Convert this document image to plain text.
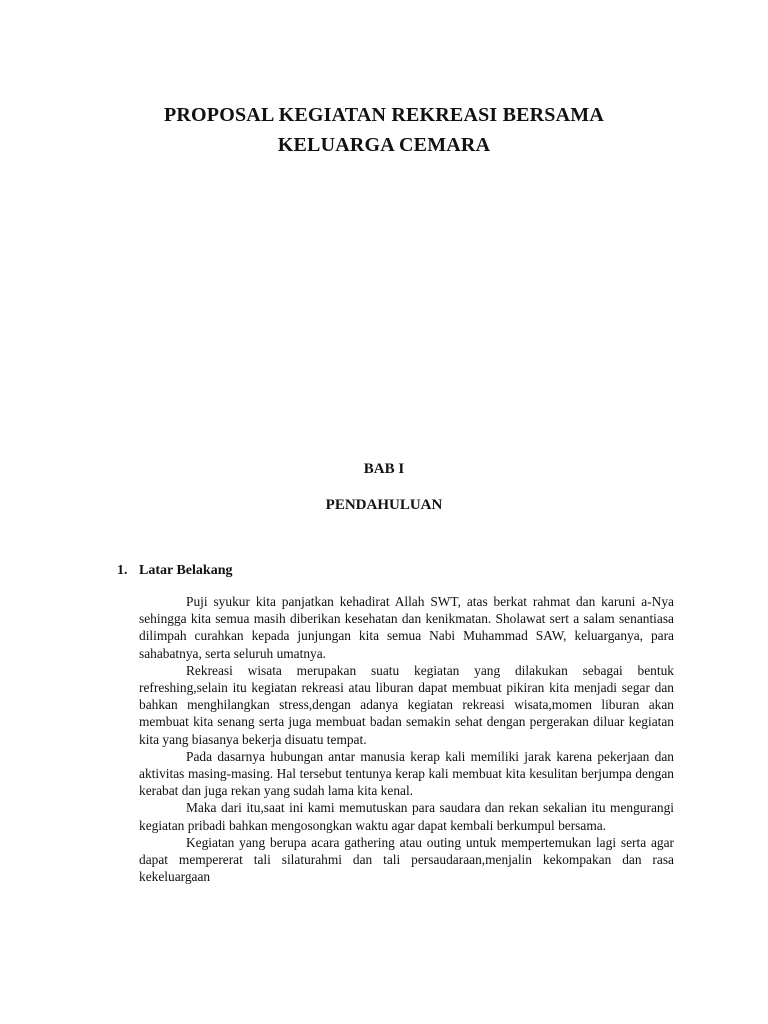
PROPOSAL KEGIATAN REKREASI BERSAMA
KELUARGA CEMARA
BAB I
PENDAHULUAN
1. Latar Belakang

Puji syukur kita panjatkan kehadirat Allah SWT, atas berkat rahmat dan karuni a-Nya sehingga kita semua masih diberikan kesehatan dan kenikmatan. Sholawat sert a salam senantiasa dilimpah curahkan kepada junjungan kita semua Nabi Muhammad SAW, keluarganya, para sahabatnya, serta seluruh umatnya.

Rekreasi wisata merupakan suatu kegiatan yang dilakukan sebagai bentuk refreshing,selain itu kegiatan rekreasi atau liburan dapat membuat pikiran kita menjadi segar dan bahkan menghilangkan stress,dengan adanya kegiatan rekreasi wisata,momen liburan akan membuat kita senang serta juga membuat badan semakin sehat dengan pergerakan diluar kegiatan kita yang biasanya bekerja disuatu tempat.

Pada dasarnya hubungan antar manusia kerap kali memiliki jarak karena pekerjaan dan aktivitas masing-masing. Hal tersebut tentunya kerap kali membuat kita kesulitan berjumpa dengan kerabat dan juga rekan yang sudah lama kita kenal.

Maka dari itu,saat ini kami memutuskan para saudara dan rekan sekalian itu mengurangi kegiatan pribadi bahkan mengosongkan waktu agar dapat kembali berkumpul bersama.

Kegiatan yang berupa acara gathering atau outing untuk mempertemukan lagi serta agar dapat mempererat tali silaturahmi dan tali persaudaraan,menjalin kekompakan dan rasa kekeluargaan
